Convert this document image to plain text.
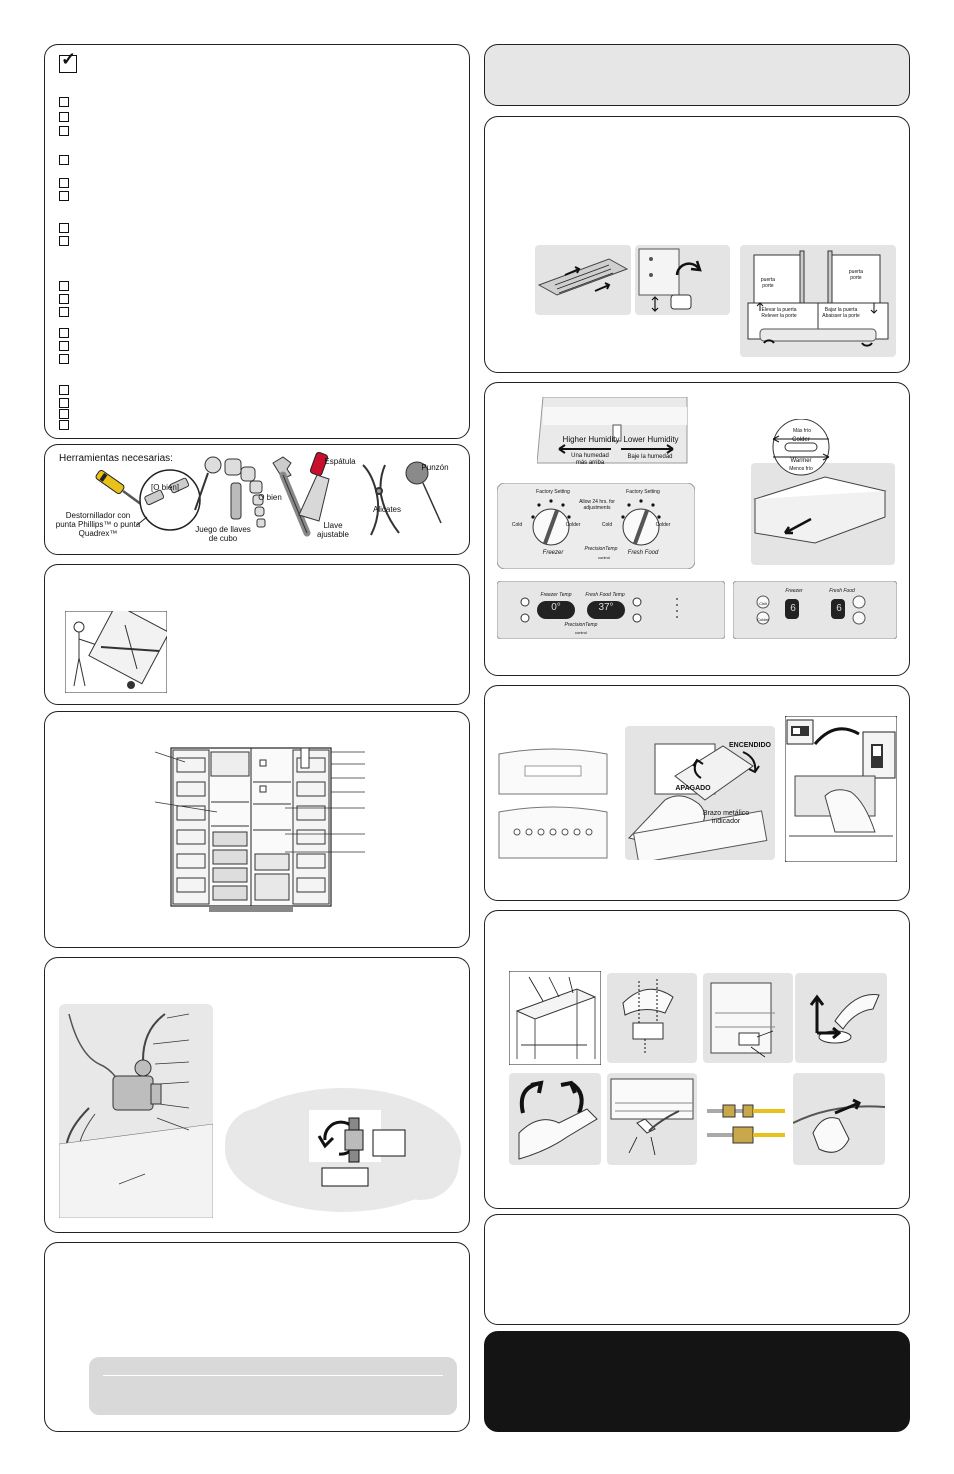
✓
Herramientas necesarias:
Destornillador con punta Phillips™ o punta Quadrex™
[O bien]
Juego de llaves de cubo
O bien
Espátula
Llave ajustable
Alicates
Punzón
puerta porte
puerta porte
Elevar la puerta Relever la porte
Bajar la puerta Abaisser la porte
Higher Humidity Lower Humidity
Una humedad más arriba
Baje la humedad
Más frío
Colder
Warmer
Menos frío
Factory Setting	Factory Setting
Allow 24 hrs. for adjustments
Cold	Colder	Cold	Colder
Freezer
PrecisionTemp
control
Fresh Food
Freezer Temp	Fresh Food Temp
0°	37°
PrecisionTemp
control
Freezer	Fresh Food
6	6
Chill
Colder
ENCENDIDO
APAGADO
Brazo metálico indicador
